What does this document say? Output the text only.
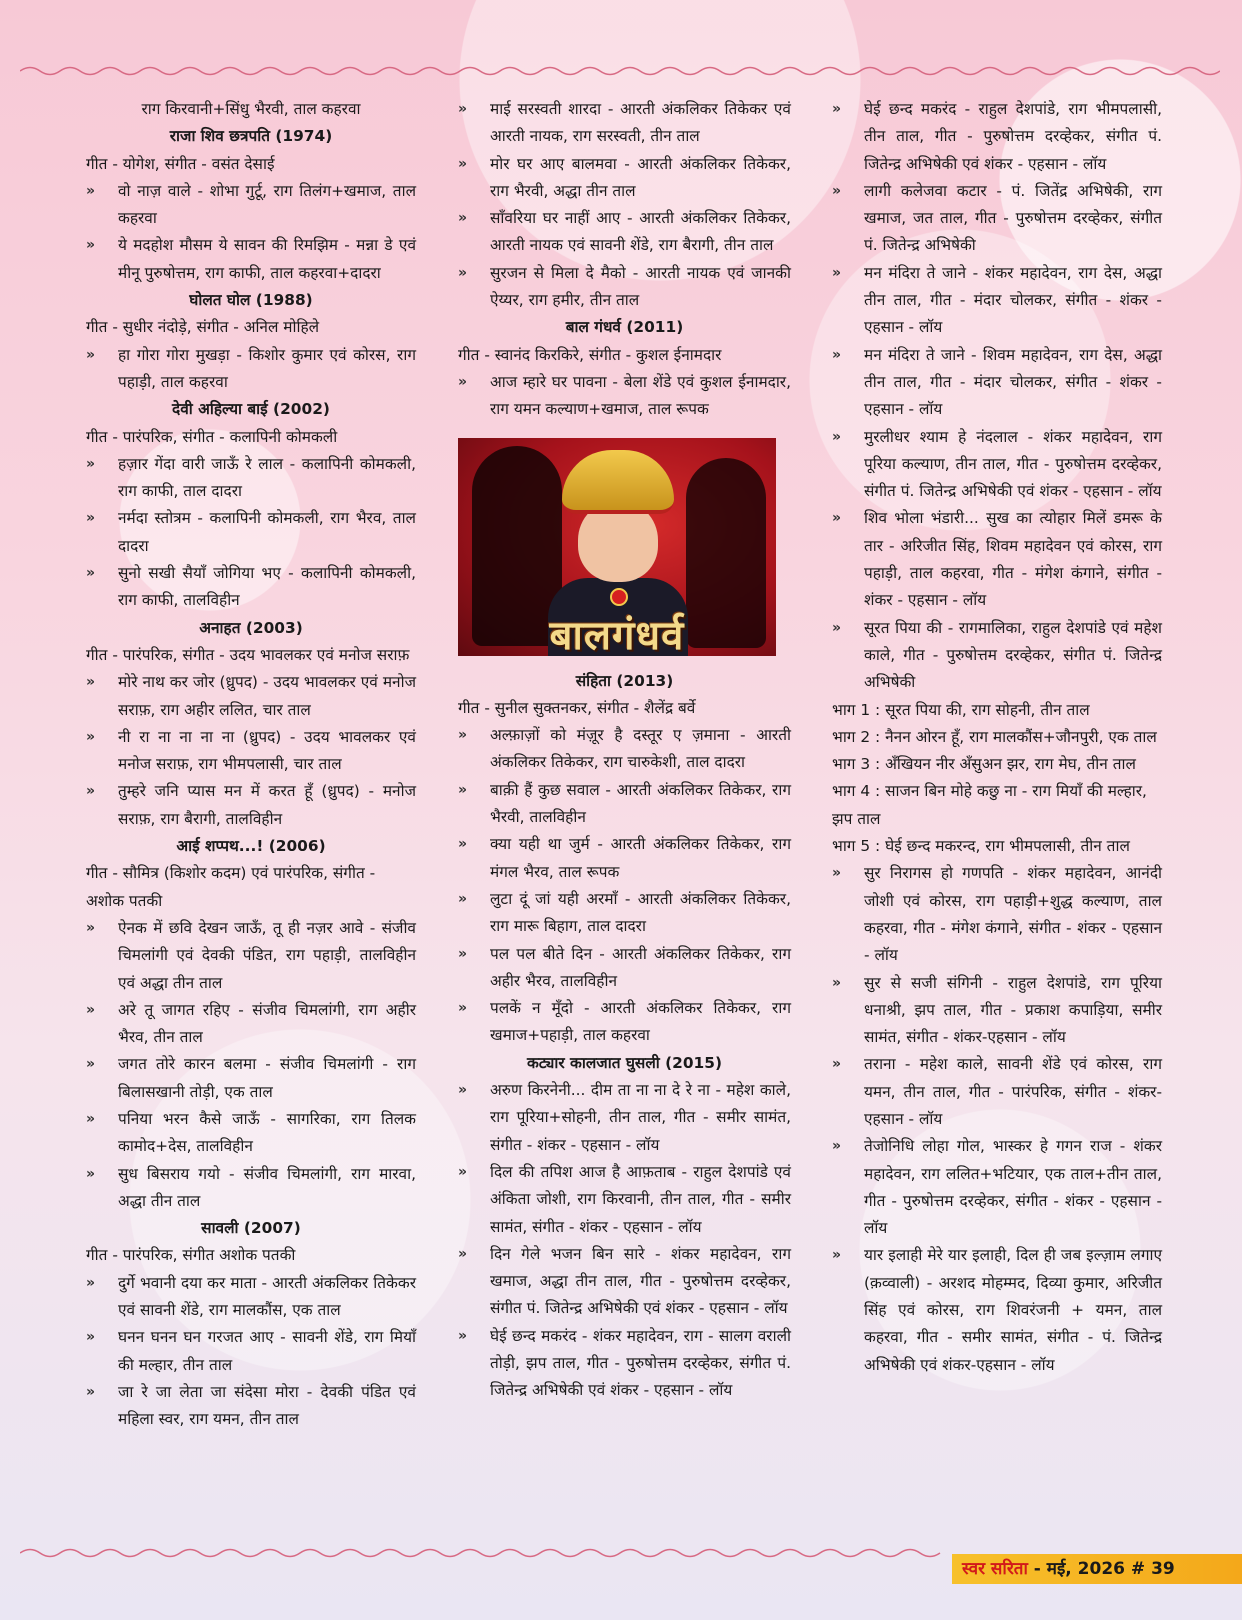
राग किरवानी+सिंधु भैरवी, ताल कहरवा

राजा शिव छत्रपति (1974)

गीत - योगेश, संगीत - वसंत देसाई

» वो नाज़ वाले - शोभा गुर्टू, राग तिलंग+खमाज, ताल कहरवा

» ये मदहोश मौसम ये सावन की रिमझिम - मन्ना डे एवं मीनू पुरुषोत्तम, राग काफी, ताल कहरवा+दादरा

घोलत घोल (1988)

गीत - सुधीर नंदोड़े, संगीत - अनिल मोहिले

» हा गोरा गोरा मुखड़ा - किशोर कुमार एवं कोरस, राग पहाड़ी, ताल कहरवा

देवी अहिल्या बाई (2002)

गीत - पारंपरिक, संगीत - कलापिनी कोमकली

» हज़ार गेंदा वारी जाऊँ रे लाल - कलापिनी कोमकली, राग काफी, ताल दादरा

» नर्मदा स्तोत्रम - कलापिनी कोमकली, राग भैरव, ताल दादरा

» सुनो सखी सैयाँ जोगिया भए - कलापिनी कोमकली, राग काफी, तालविहीन

अनाहत (2003)

गीत - पारंपरिक, संगीत - उदय भावलकर एवं मनोज सराफ़

» मोरे नाथ कर जोर (ध्रुपद) - उदय भावलकर एवं मनोज सराफ़, राग अहीर ललित, चार ताल

» नी रा ना ना ना ना (ध्रुपद) - उदय भावलकर एवं मनोज सराफ़, राग भीमपलासी, चार ताल

» तुम्हरे जनि प्यास मन में करत हूँ (ध्रुपद) - मनोज सराफ़, राग बैरागी, तालविहीन

आई शप्पथ...! (2006)

गीत - सौमित्र (किशोर कदम) एवं पारंपरिक, संगीत - अशोक पतकी

» ऐनक में छवि देखन जाऊँ, तू ही नज़र आवे - संजीव चिमलांगी एवं देवकी पंडित, राग पहाड़ी, तालविहीन एवं अद्धा तीन ताल

» अरे तू जागत रहिए - संजीव चिमलांगी, राग अहीर भैरव, तीन ताल

» जगत तोरे कारन बलमा - संजीव चिमलांगी - राग बिलासखानी तोड़ी, एक ताल

» पनिया भरन कैसे जाऊँ - सागरिका, राग तिलक कामोद+देस, तालविहीन

» सुध बिसराय गयो - संजीव चिमलांगी, राग मारवा, अद्धा तीन ताल

सावली (2007)

गीत - पारंपरिक, संगीत अशोक पतकी

» दुर्गे भवानी दया कर माता - आरती अंकलिकर तिकेकर एवं सावनी शेंडे, राग मालकौंस, एक ताल

» घनन घनन घन गरजत आए - सावनी शेंडे, राग मियाँ की मल्हार, तीन ताल

» जा रे जा लेता जा संदेसा मोरा - देवकी पंडित एवं महिला स्वर, राग यमन, तीन ताल

» माई सरस्वती शारदा - आरती अंकलिकर तिकेकर एवं आरती नायक, राग सरस्वती, तीन ताल

» मोर घर आए बालमवा - आरती अंकलिकर तिकेकर, राग भैरवी, अद्धा तीन ताल

» साँवरिया घर नाहीं आए - आरती अंकलिकर तिकेकर, आरती नायक एवं सावनी शेंडे, राग बैरागी, तीन ताल

» सुरजन से मिला दे मैको - आरती नायक एवं जानकी ऐय्यर, राग हमीर, तीन ताल

बाल गंधर्व (2011)

गीत - स्वानंद किरकिरे, संगीत - कुशल ईनामदार

» आज म्हारे घर पावना - बेला शेंडे एवं कुशल ईनामदार, राग यमन कल्याण+खमाज, ताल रूपक

बालगंधर्व

संहिता (2013)

गीत - सुनील सुक्तनकर, संगीत - शैलेंद्र बर्वे

» अल्फ़ाज़ों को मंज़ूर है दस्तूर ए ज़माना - आरती अंकलिकर तिकेकर, राग चारुकेशी, ताल दादरा

» बाक़ी हैं कुछ सवाल - आरती अंकलिकर तिकेकर, राग भैरवी, तालविहीन

» क्या यही था जुर्म - आरती अंकलिकर तिकेकर, राग मंगल भैरव, ताल रूपक

» लुटा दूं जां यही अरमाँ - आरती अंकलिकर तिकेकर, राग मारू बिहाग, ताल दादरा

» पल पल बीते दिन - आरती अंकलिकर तिकेकर, राग अहीर भैरव, तालविहीन

» पलकें न मूँदो - आरती अंकलिकर तिकेकर, राग खमाज+पहाड़ी, ताल कहरवा

कट्यार कालजात घुसली (2015)

» अरुण किरनेनी... दीम ता ना ना दे रे ना - महेश काले, राग पूरिया+सोहनी, तीन ताल, गीत - समीर सामंत, संगीत - शंकर - एहसान - लॉय

» दिल की तपिश आज है आफ़ताब - राहुल देशपांडे एवं अंकिता जोशी, राग किरवानी, तीन ताल, गीत - समीर सामंत, संगीत - शंकर - एहसान - लॉय

» दिन गेले भजन बिन सारे - शंकर महादेवन, राग खमाज, अद्धा तीन ताल, गीत - पुरुषोत्तम दरव्हेकर, संगीत पं. जितेन्द्र अभिषेकी एवं शंकर - एहसान - लॉय

» घेई छन्द मकरंद - शंकर महादेवन, राग - सालग वराली तोड़ी, झप ताल, गीत - पुरुषोत्तम दरव्हेकर, संगीत पं. जितेन्द्र अभिषेकी एवं शंकर - एहसान - लॉय

» घेई छन्द मकरंद - राहुल देशपांडे, राग भीमपलासी, तीन ताल, गीत - पुरुषोत्तम दरव्हेकर, संगीत पं. जितेन्द्र अभिषेकी एवं शंकर - एहसान - लॉय

» लागी कलेजवा कटार - पं. जितेंद्र अभिषेकी, राग खमाज, जत ताल, गीत - पुरुषोत्तम दरव्हेकर, संगीत पं. जितेन्द्र अभिषेकी

» मन मंदिरा ते जाने - शंकर महादेवन, राग देस, अद्धा तीन ताल, गीत - मंदार चोलकर, संगीत - शंकर - एहसान - लॉय

» मन मंदिरा ते जाने - शिवम महादेवन, राग देस, अद्धा तीन ताल, गीत - मंदार चोलकर, संगीत - शंकर - एहसान - लॉय

» मुरलीधर श्याम हे नंदलाल - शंकर महादेवन, राग पूरिया कल्याण, तीन ताल, गीत - पुरुषोत्तम दरव्हेकर, संगीत पं. जितेन्द्र अभिषेकी एवं शंकर - एहसान - लॉय

» शिव भोला भंडारी... सुख का त्योहार मिलें डमरू के तार - अरिजीत सिंह, शिवम महादेवन एवं कोरस, राग पहाड़ी, ताल कहरवा, गीत - मंगेश कंगाने, संगीत - शंकर - एहसान - लॉय

» सूरत पिया की - रागमालिका, राहुल देशपांडे एवं महेश काले, गीत - पुरुषोत्तम दरव्हेकर, संगीत पं. जितेन्द्र अभिषेकी

भाग 1 : सूरत पिया की, राग सोहनी, तीन ताल

भाग 2 : नैनन ओरन हूँ, राग मालकौंस+जौनपुरी, एक ताल

भाग 3 : अँखियन नीर अँसुअन झर, राग मेघ, तीन ताल

भाग 4 : साजन बिन मोहे कछु ना - राग मियाँ की मल्हार, झप ताल

भाग 5 : घेई छन्द मकरन्द, राग भीमपलासी, तीन ताल

» सुर निरागस हो गणपति - शंकर महादेवन, आनंदी जोशी एवं कोरस, राग पहाड़ी+शुद्ध कल्याण, ताल कहरवा, गीत - मंगेश कंगाने, संगीत - शंकर - एहसान - लॉय

» सुर से सजी संगिनी - राहुल देशपांडे, राग पूरिया धनाश्री, झप ताल, गीत - प्रकाश कपाड़िया, समीर सामंत, संगीत - शंकर-एहसान - लॉय

» तराना - महेश काले, सावनी शेंडे एवं कोरस, राग यमन, तीन ताल, गीत - पारंपरिक, संगीत - शंकर-एहसान - लॉय

» तेजोनिधि लोहा गोल, भास्कर हे गगन राज - शंकर महादेवन, राग ललित+भटियार, एक ताल+तीन ताल, गीत - पुरुषोत्तम दरव्हेकर, संगीत - शंकर - एहसान - लॉय

» यार इलाही मेरे यार इलाही, दिल ही जब इल्ज़ाम लगाए (क़व्वाली) - अरशद मोहम्मद, दिव्या कुमार, अरिजीत सिंह एवं कोरस, राग शिवरंजनी + यमन, ताल कहरवा, गीत - समीर सामंत, संगीत - पं. जितेन्द्र अभिषेकी एवं शंकर-एहसान - लॉय

स्वर सरिता - मई, 2026 # 39
